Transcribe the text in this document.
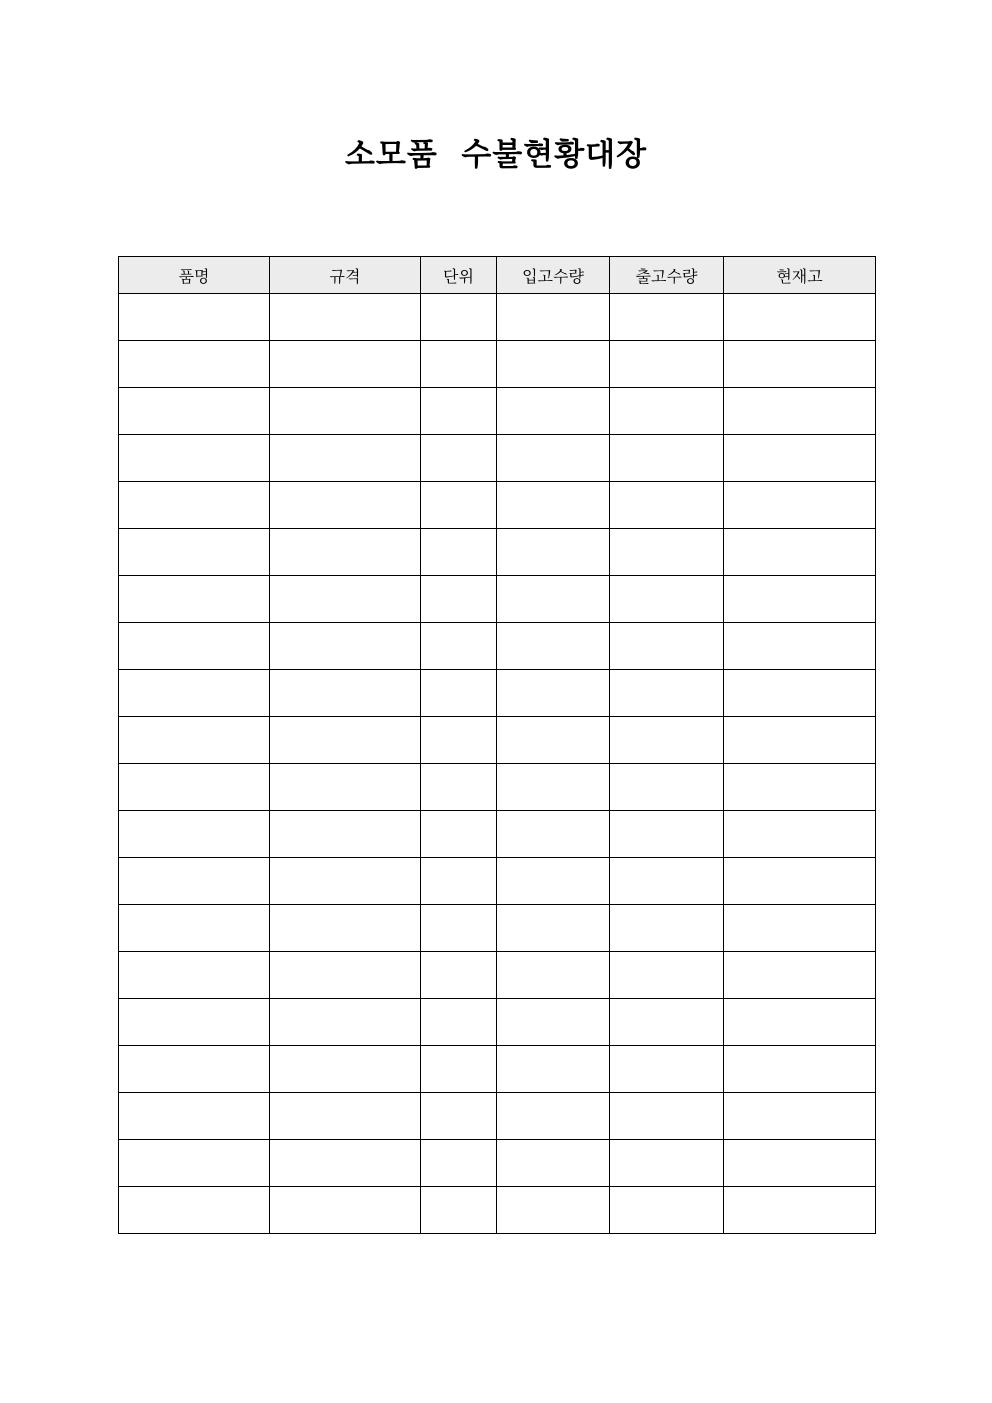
소모품  수불현황대장
품명	규격	단위	입고수량	출고수량	현재고
